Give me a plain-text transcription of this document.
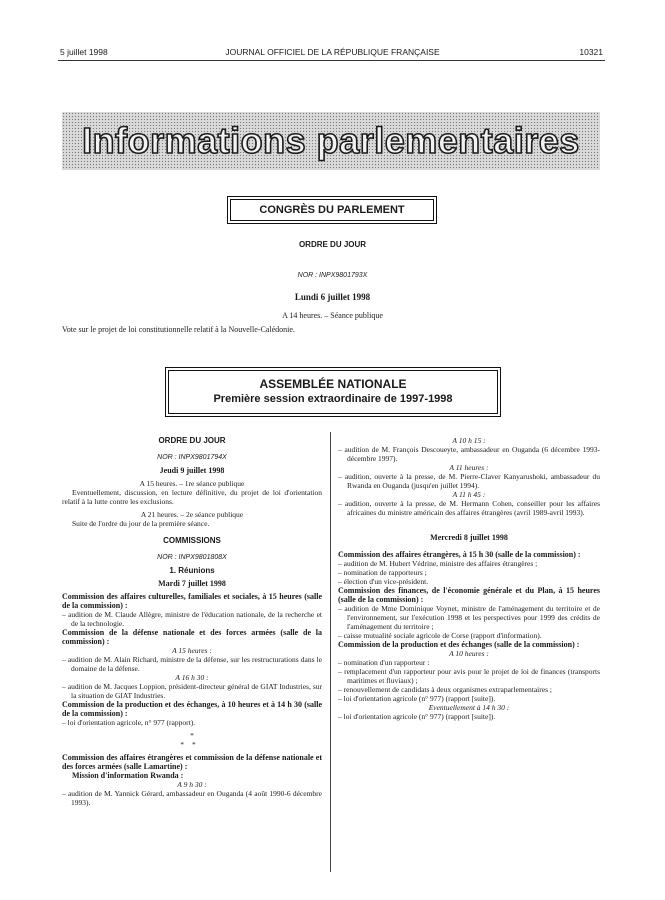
5 juillet 1998	JOURNAL OFFICIEL DE LA RÉPUBLIQUE FRANÇAISE	10321
Informations parlementaires
CONGRÈS DU PARLEMENT
ORDRE DU JOUR
NOR : INPX9801793X
Lundi 6 juillet 1998
A 14 heures. – Séance publique
Vote sur le projet de loi constitutionnelle relatif à la Nouvelle-Calédonie.
ASSEMBLÉE NATIONALE
Première session extraordinaire de 1997-1998

ORDRE DU JOUR

NOR : INPX9801794X

Jeudi 9 juillet 1998

A 15 heures. – 1re séance publique

Eventuellement, discussion, en lecture définitive, du projet de loi d'orientation relatif à la lutte contre les exclusions.

A 21 heures. – 2e séance publique

Suite de l'ordre du jour de la première séance.

COMMISSIONS

NOR : INPX9801808X

1. Réunions

Mardi 7 juillet 1998

Commission des affaires culturelles, familiales et sociales, à 15 heures (salle de la commission) :

– audition de M. Claude Allègre, ministre de l'éducation nationale, de la recherche et de la technologie.

Commission de la défense nationale et des forces armées (salle de la commission) :

A 15 heures :

– audition de M. Alain Richard, ministre de la défense, sur les restructurations dans le domaine de la défense.

A 16 h 30 :

– audition de M. Jacques Loppion, président-directeur général de GIAT Industries, sur la situation de GIAT Industries.

Commission de la production et des échanges, à 10 heures et à 14 h 30 (salle de la commission) :

– loi d'orientation agricole, n° 977 (rapport).

*

**

Commission des affaires étrangères et commission de la défense nationale et des forces armées (salle Lamartine) :

Mission d'information Rwanda :

A 9 h 30 :

– audition de M. Yannick Gérard, ambassadeur en Ouganda (4 août 1990-6 décembre 1993).

A 10 h 15 :

– audition de M. François Descoueyte, ambassadeur en Ouganda (6 décembre 1993-décembre 1997).

A 11 heures :

– audition, ouverte à la presse, de M. Pierre-Claver Kanyarushoki, ambassadeur du Rwanda en Ouganda (jusqu'en juillet 1994).

A 11 h 45 :

– audition, ouverte à la presse, de M. Hermann Cohen, conseiller pour les affaires africaines du ministre américain des affaires étrangères (avril 1989-avril 1993).

Mercredi 8 juillet 1998

Commission des affaires étrangères, à 15 h 30 (salle de la commission) :

– audition de M. Hubert Védrine, ministre des affaires étrangères ;

– nomination de rapporteurs ;

– élection d'un vice-président.

Commission des finances, de l'économie générale et du Plan, à 15 heures (salle de la commission) :

– audition de Mme Dominique Voynet, ministre de l'aménagement du territoire et de l'environnement, sur l'exécution 1998 et les perspectives pour 1999 des crédits de l'aménagement du territoire ;

– caisse mutualité sociale agricole de Corse (rapport d'information).

Commission de la production et des échanges (salle de la commission) :

A 10 heures :

– nomination d'un rapporteur :

– remplacement d'un rapporteur pour avis pour le projet de loi de finances (transports maritimes et fluviaux) ;

– renouvellement de candidats à deux organismes extraparlementaires ;

– loi d'orientation agricole (n° 977) (rapport [suite]).

Eventuellement à 14 h 30 :

– loi d'orientation agricole (n° 977) (rapport [suite]).
